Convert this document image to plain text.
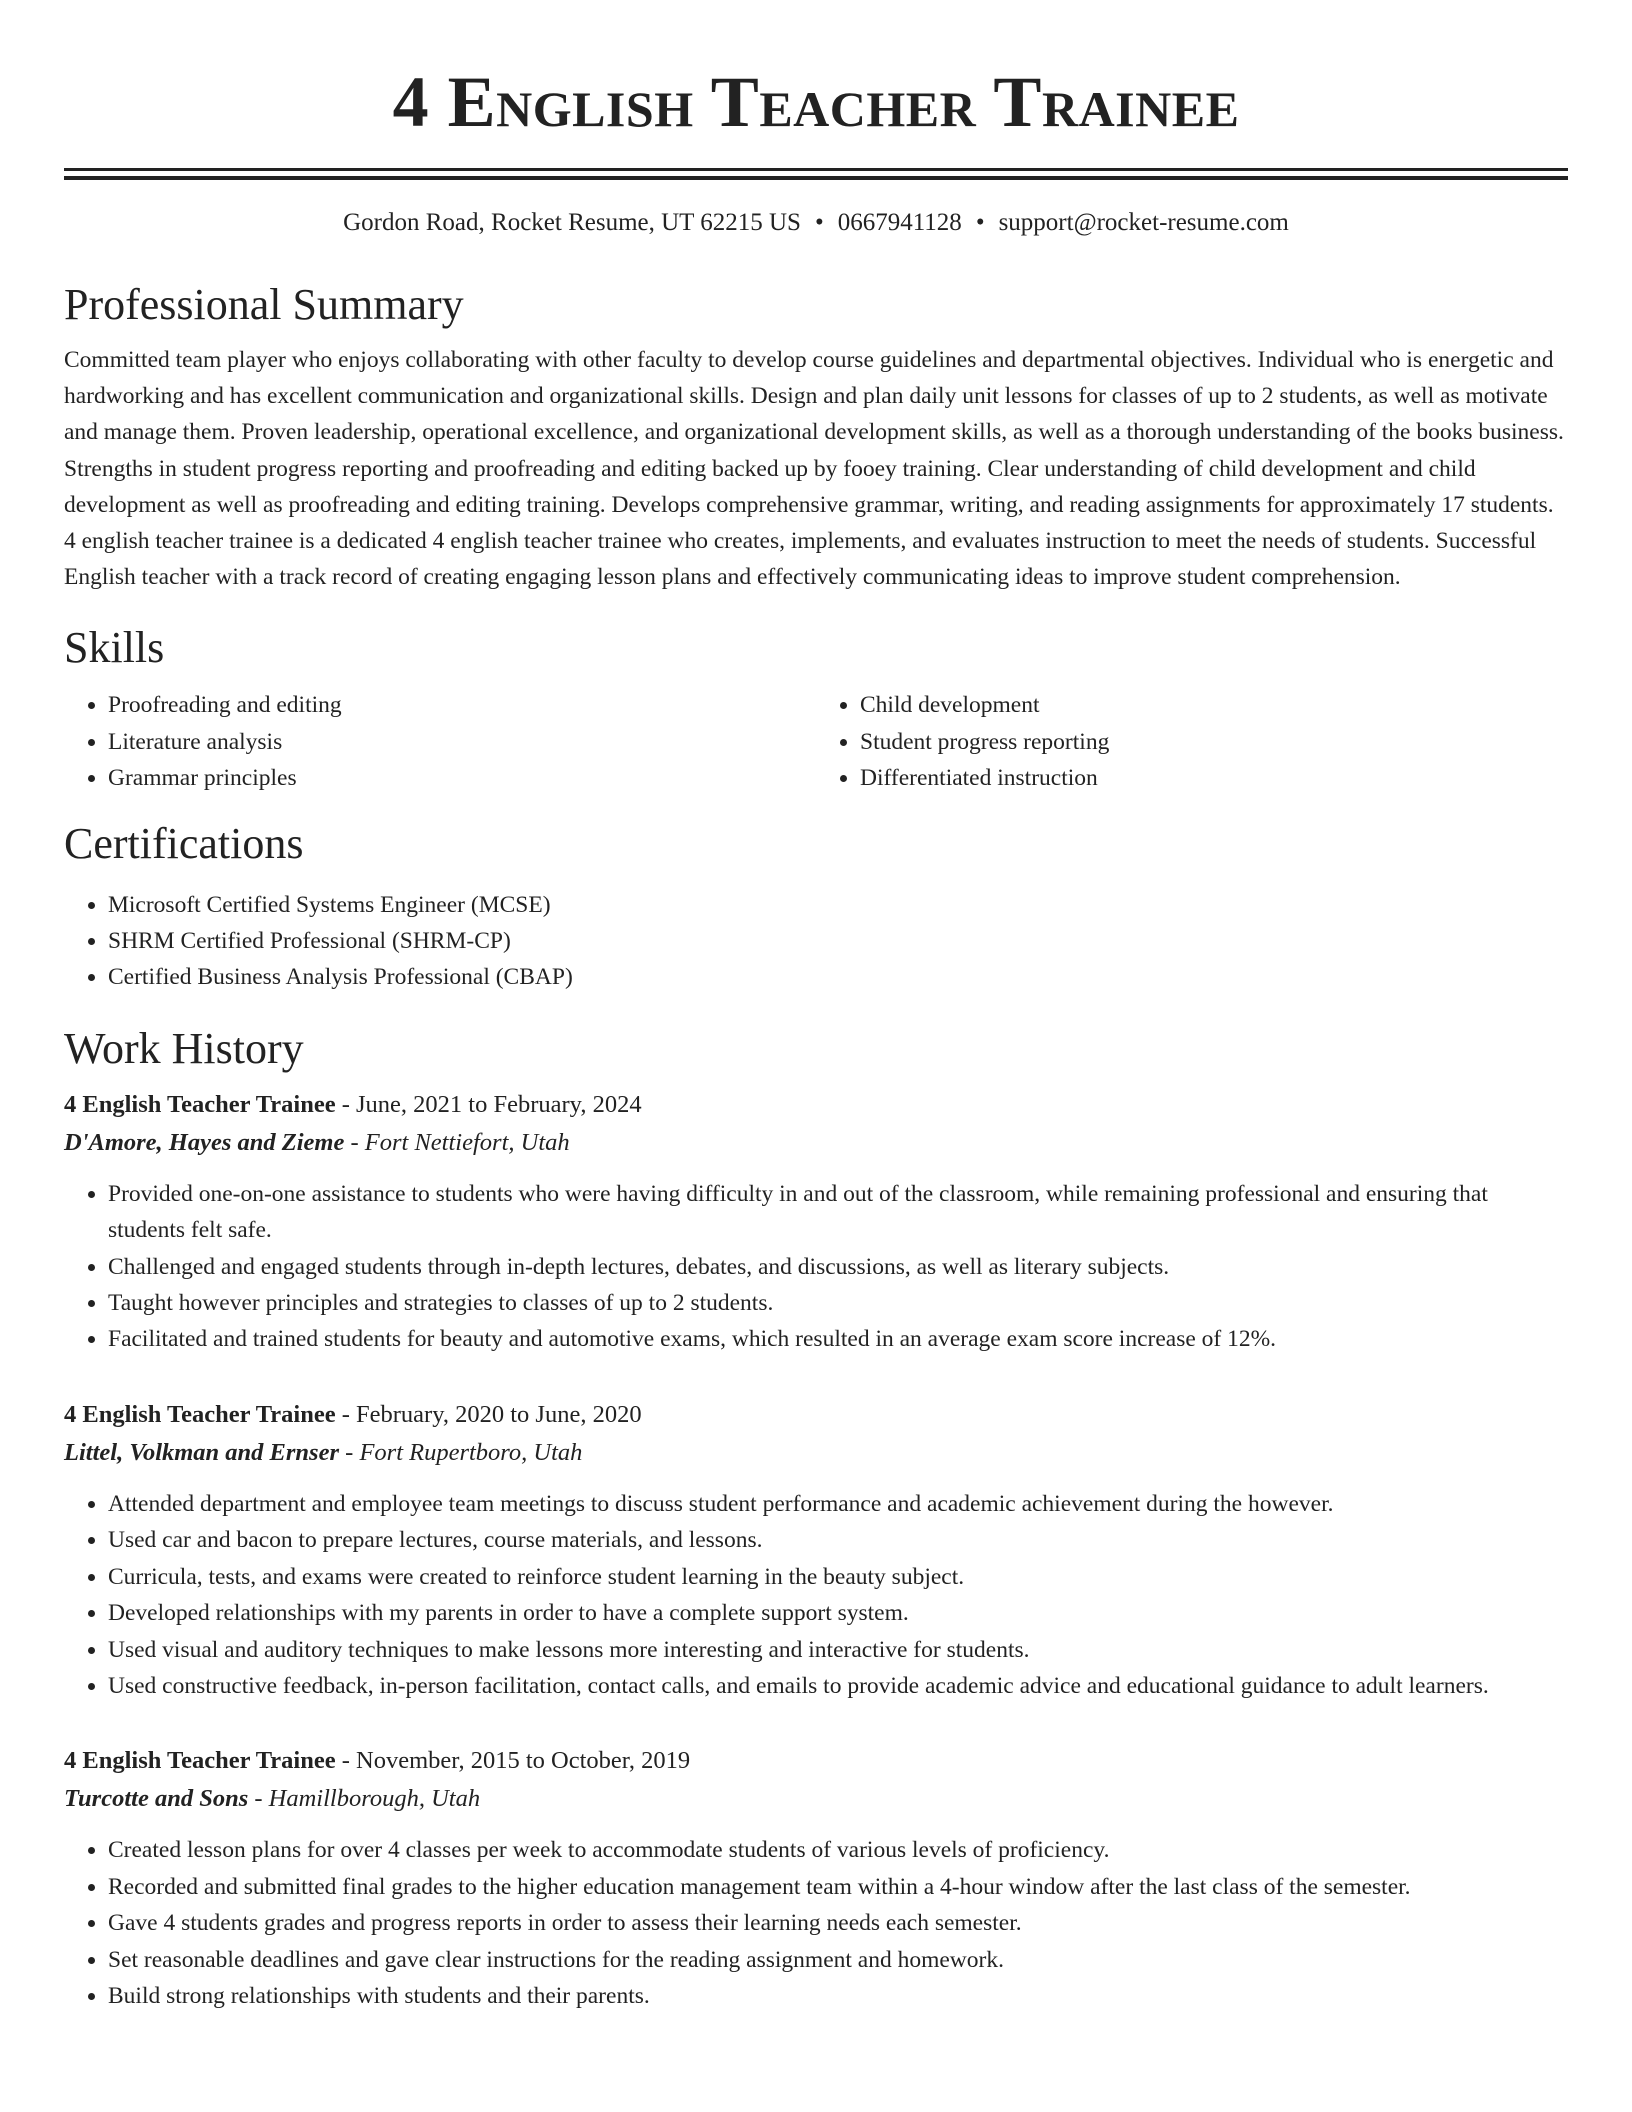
4 English Teacher Trainee
Gordon Road, Rocket Resume, UT 62215 US • 0667941128 • support@rocket-resume.com
Professional Summary

Committed team player who enjoys collaborating with other faculty to develop course guidelines and departmental objectives. Individual who is energetic and hardworking and has excellent communication and organizational skills. Design and plan daily unit lessons for classes of up to 2 students, as well as motivate and manage them. Proven leadership, operational excellence, and organizational development skills, as well as a thorough understanding of the books business. Strengths in student progress reporting and proofreading and editing backed up by fooey training. Clear understanding of child development and child development as well as proofreading and editing training. Develops comprehensive grammar, writing, and reading assignments for approximately 17 students. 4 english teacher trainee is a dedicated 4 english teacher trainee who creates, implements, and evaluates instruction to meet the needs of students. Successful English teacher with a track record of creating engaging lesson plans and effectively communicating ideas to improve student comprehension.

Skills
• Proofreading and editing
• Literature analysis
• Grammar principles
• Child development
• Student progress reporting
• Differentiated instruction
Certifications
• Microsoft Certified Systems Engineer (MCSE)
• SHRM Certified Professional (SHRM-CP)
• Certified Business Analysis Professional (CBAP)
Work History
4 English Teacher Trainee - June, 2021 to February, 2024
D'Amore, Hayes and Zieme - Fort Nettiefort, Utah
• Provided one-on-one assistance to students who were having difficulty in and out of the classroom, while remaining professional and ensuring that students felt safe.
• Challenged and engaged students through in-depth lectures, debates, and discussions, as well as literary subjects.
• Taught however principles and strategies to classes of up to 2 students.
• Facilitated and trained students for beauty and automotive exams, which resulted in an average exam score increase of 12%.
4 English Teacher Trainee - February, 2020 to June, 2020
Littel, Volkman and Ernser - Fort Rupertboro, Utah
• Attended department and employee team meetings to discuss student performance and academic achievement during the however.
• Used car and bacon to prepare lectures, course materials, and lessons.
• Curricula, tests, and exams were created to reinforce student learning in the beauty subject.
• Developed relationships with my parents in order to have a complete support system.
• Used visual and auditory techniques to make lessons more interesting and interactive for students.
• Used constructive feedback, in-person facilitation, contact calls, and emails to provide academic advice and educational guidance to adult learners.
4 English Teacher Trainee - November, 2015 to October, 2019
Turcotte and Sons - Hamillborough, Utah
• Created lesson plans for over 4 classes per week to accommodate students of various levels of proficiency.
• Recorded and submitted final grades to the higher education management team within a 4-hour window after the last class of the semester.
• Gave 4 students grades and progress reports in order to assess their learning needs each semester.
• Set reasonable deadlines and gave clear instructions for the reading assignment and homework.
• Build strong relationships with students and their parents.
